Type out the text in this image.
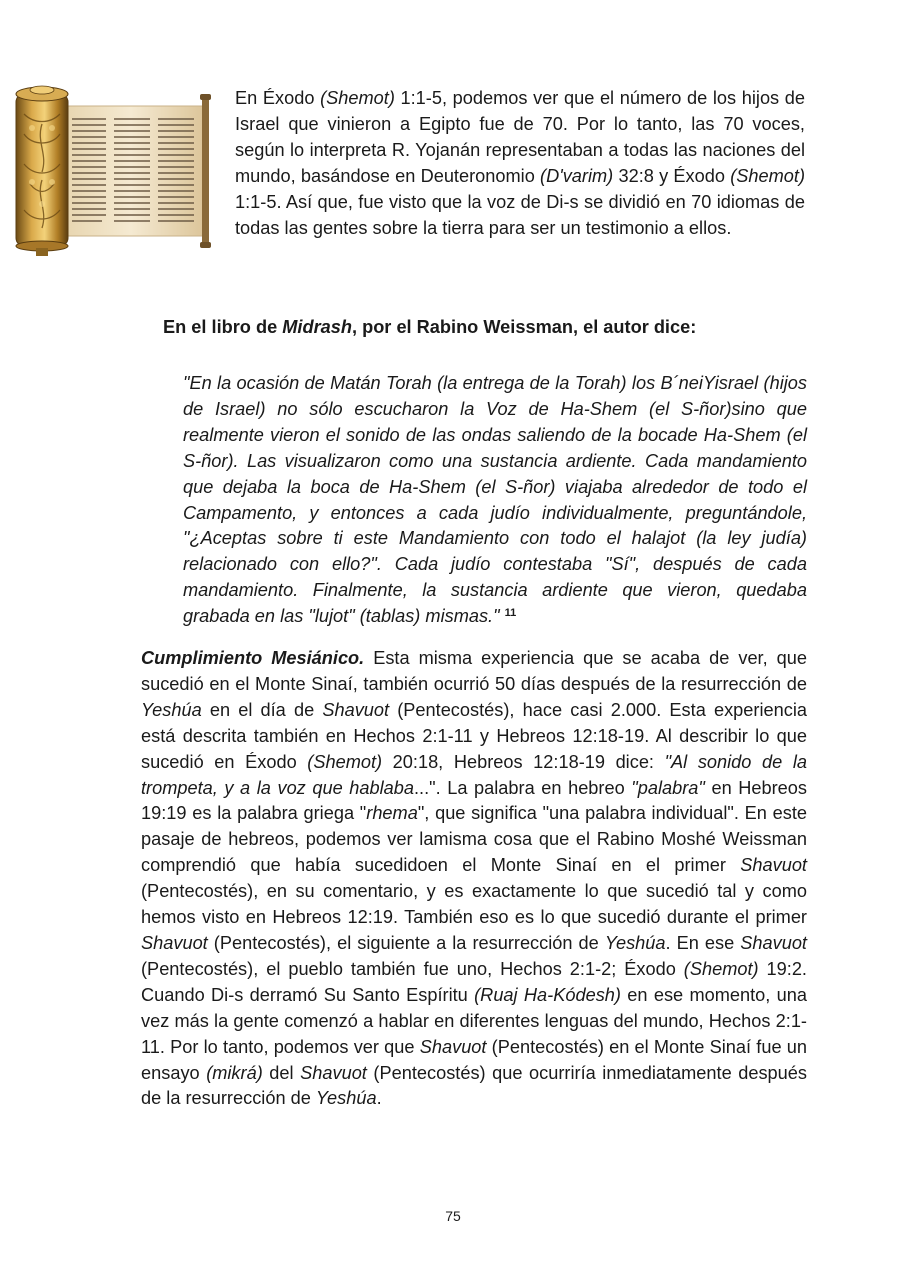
En Éxodo (Shemot) 1:1-5, podemos ver que el número de los hijos de Israel que vinieron a Egipto fue de 70. Por lo tanto, las 70 voces, según lo interpreta R. Yojanán representaban a todas las naciones del mundo, basándose en Deuteronomio (D'varim) 32:8 y Éxodo (Shemot) 1:1-5. Así que, fue visto que la voz de Di-s se dividió en 70 idiomas de todas las gentes sobre la tierra para ser un testimonio a ellos.

En el libro de Midrash, por el Rabino Weissman, el autor dice:

"En la ocasión de Matán Torah (la entrega de la Torah) los B´neiYisrael (hijos de Israel) no sólo escucharon la Voz de Ha-Shem (el S-ñor)sino que realmente vieron el sonido de las ondas saliendo de la bocade Ha-Shem (el S-ñor). Las visualizaron como una sustancia ardiente. Cada mandamiento que dejaba la boca de Ha-Shem (el S-ñor) viajaba alrededor de todo el Campamento, y entonces a cada judío individualmente, preguntándole, "¿Aceptas sobre ti este Mandamiento con todo el halajot (la ley judía) relacionado con ello?". Cada judío contestaba "Sí", después de cada mandamiento. Finalmente, la sustancia ardiente que vieron, quedaba grabada en las "lujot" (tablas) mismas." $^{11}$

Cumplimiento Mesiánico. Esta misma experiencia que se acaba de ver, que sucedió en el Monte Sinaí, también ocurrió 50 días después de la resurrección de Yeshúa en el día de Shavuot (Pentecostés), hace casi 2.000. Esta experiencia está descrita también en Hechos 2:1-11 y Hebreos 12:18-19. Al describir lo que sucedió en Éxodo (Shemot) 20:18, Hebreos 12:18-19 dice: "Al sonido de la trompeta, y a la voz que hablaba...". La palabra en hebreo "palabra" en Hebreos 19:19 es la palabra griega "rhema", que significa "una palabra individual". En este pasaje de hebreos, podemos ver lamisma cosa que el Rabino Moshé Weissman comprendió que había sucedidoen el Monte Sinaí en el primer Shavuot (Pentecostés), en su comentario, y es exactamente lo que sucedió tal y como hemos visto en Hebreos 12:19. También eso es lo que sucedió durante el primer Shavuot (Pentecostés), el siguiente a la resurrección de Yeshúa. En ese Shavuot (Pentecostés), el pueblo también fue uno, Hechos 2:1-2; Éxodo (Shemot) 19:2. Cuando Di-s derramó Su Santo Espíritu (Ruaj Ha-Kódesh) en ese momento, una vez más la gente comenzó a hablar en diferentes lenguas del mundo, Hechos 2:1-11. Por lo tanto, podemos ver que Shavuot (Pentecostés) en el Monte Sinaí fue un ensayo (mikrá) del Shavuot (Pentecostés) que ocurriría inmediatamente después de la resurrección de Yeshúa.

75
